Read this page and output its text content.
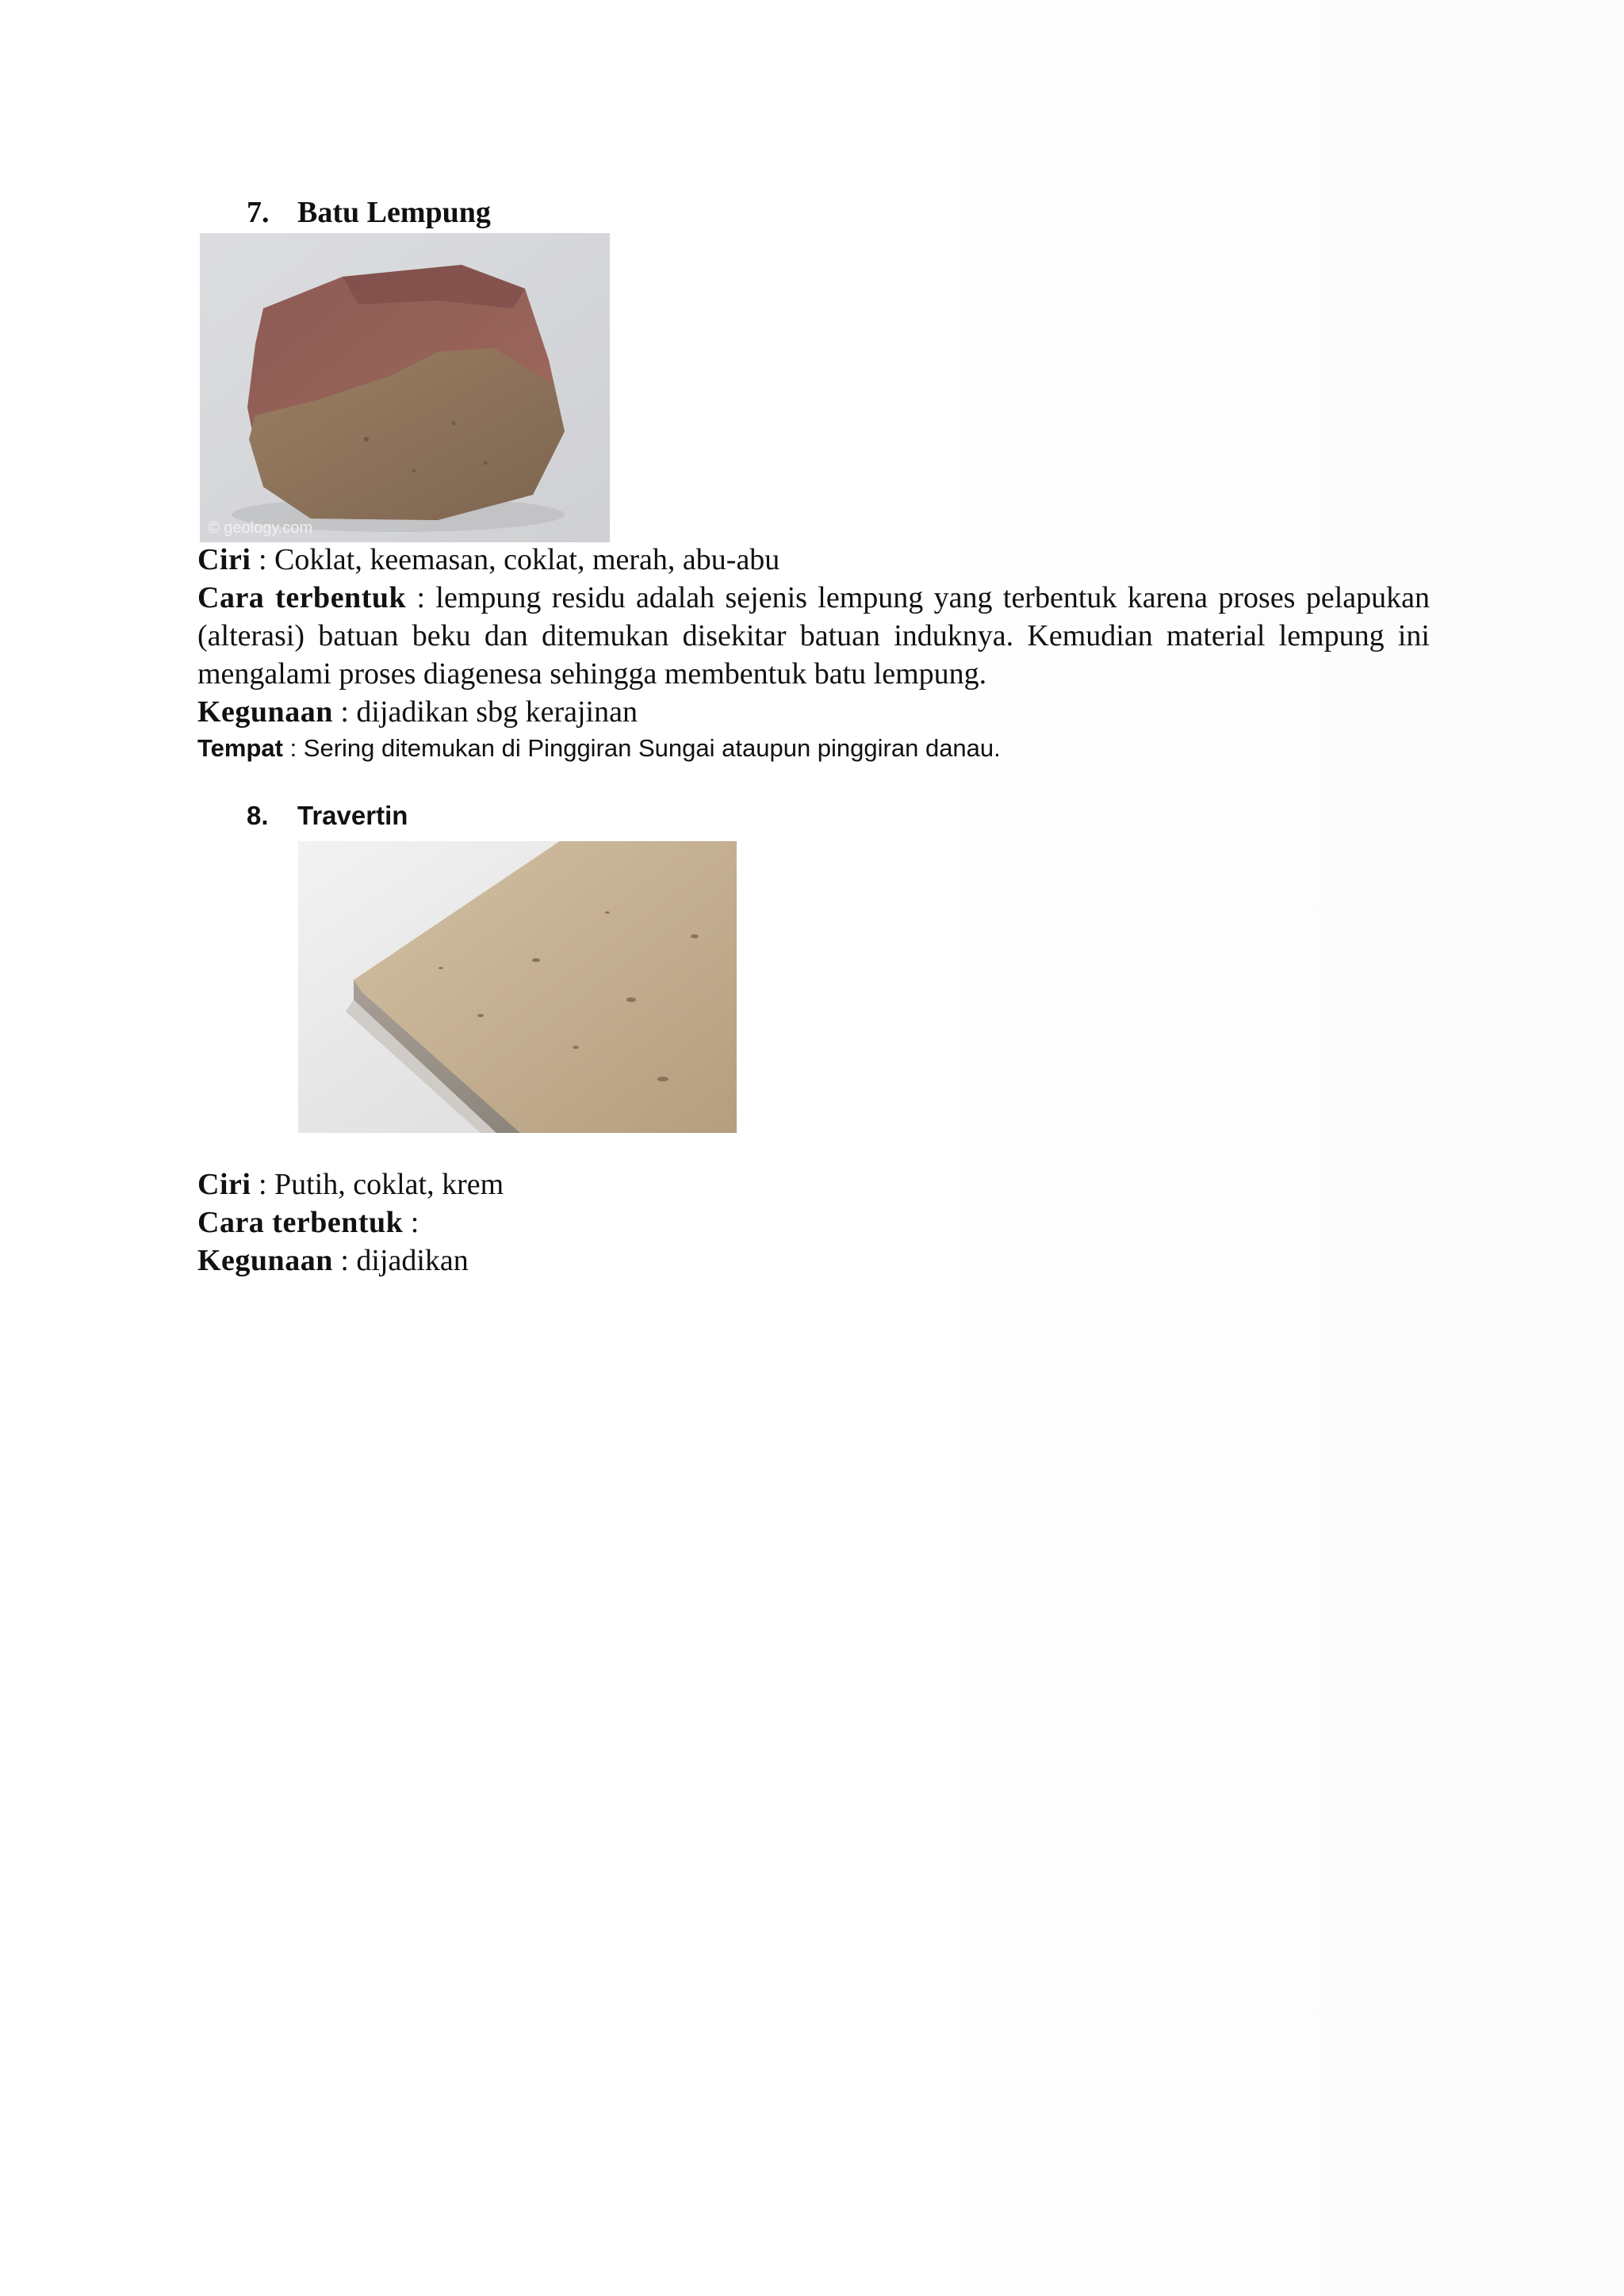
7. Batu Lempung
© geology.com

Ciri : Coklat, keemasan, coklat, merah, abu-abu

Cara terbentuk : lempung residu adalah sejenis lempung yang terbentuk karena proses pelapukan (alterasi) batuan beku dan ditemukan disekitar batuan induknya. Kemudian material lempung ini mengalami proses diagenesa sehingga membentuk batu lempung.

Kegunaan : dijadikan sbg kerajinan

Tempat : Sering ditemukan di Pinggiran Sungai ataupun pinggiran danau.

8. Travertin

Ciri : Putih, coklat, krem

Cara terbentuk :

Kegunaan : dijadikan
